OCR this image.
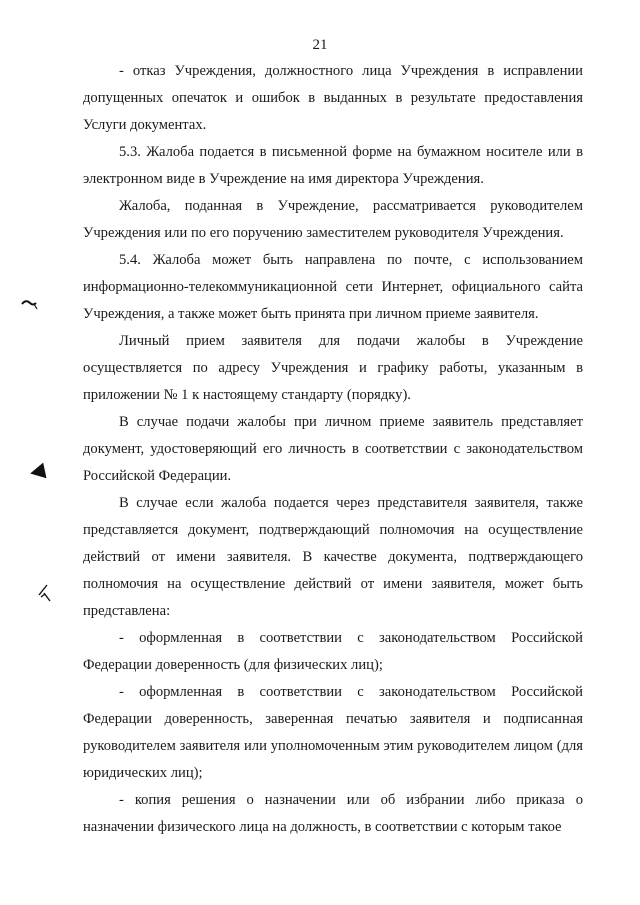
21

- отказ Учреждения, должностного лица Учреждения в исправлении допущенных опечаток и ошибок в выданных в результате предоставления Услуги документах.

5.3. Жалоба подается в письменной форме на бумажном носителе или в электронном виде в Учреждение на имя директора Учреждения.

Жалоба, поданная в Учреждение, рассматривается руководителем Учреждения или по его поручению заместителем руководителя Учреждения.

5.4. Жалоба может быть направлена по почте, с использованием информационно-телекоммуникационной сети Интернет, официального сайта Учреждения, а также может быть принята при личном приеме заявителя.

Личный прием заявителя для подачи жалобы в Учреждение осуществляется по адресу Учреждения и графику работы, указанным в приложении № 1 к настоящему стандарту (порядку).

В случае подачи жалобы при личном приеме заявитель представляет документ, удостоверяющий его личность в соответствии с законодательством Российской Федерации.

В случае если жалоба подается через представителя заявителя, также представляется документ, подтверждающий полномочия на осуществление действий от имени заявителя. В качестве документа, подтверждающего полномочия на осуществление действий от имени заявителя, может быть представлена:

- оформленная в соответствии с законодательством Российской Федерации доверенность (для физических лиц);

- оформленная в соответствии с законодательством Российской Федерации доверенность, заверенная печатью заявителя и подписанная руководителем заявителя или уполномоченным этим руководителем лицом (для юридических лиц);

- копия решения о назначении или об избрании либо приказа о назначении физического лица на должность, в соответствии с которым такое
